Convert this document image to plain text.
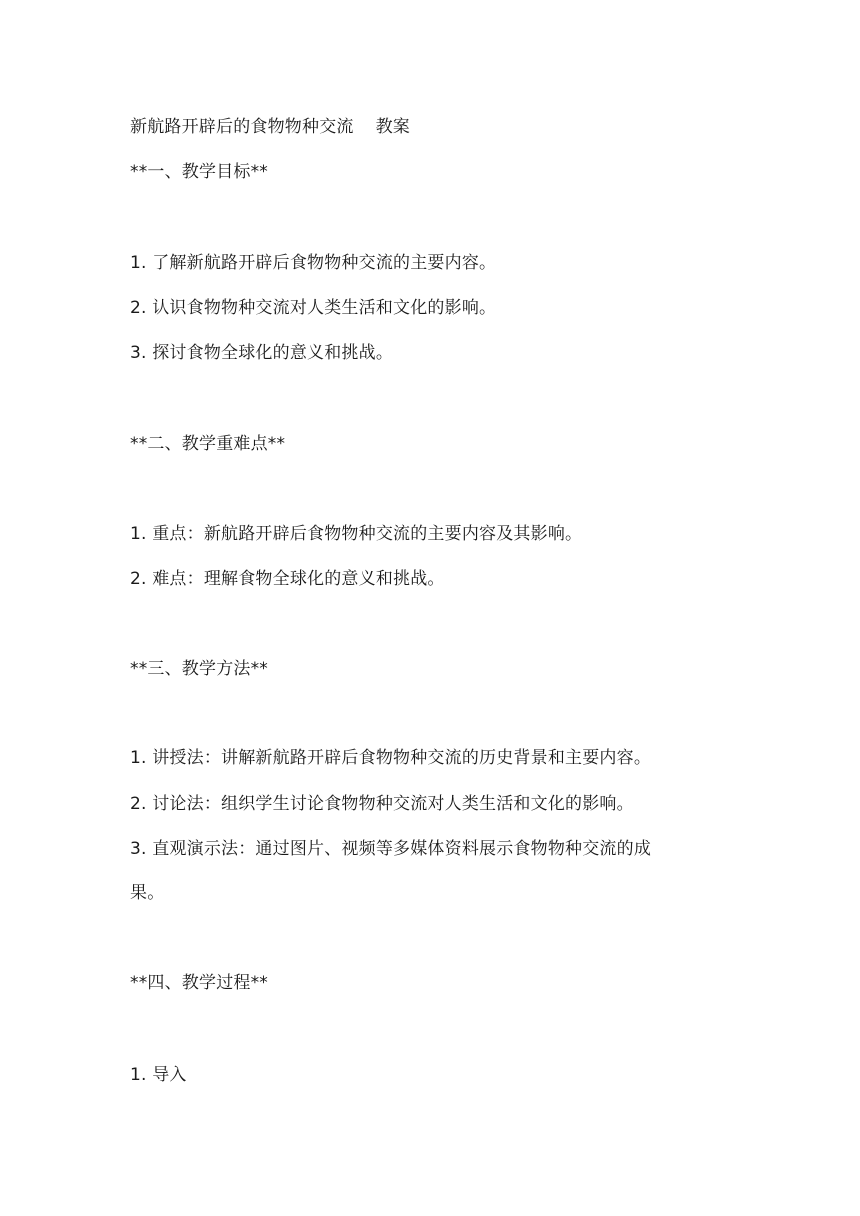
新航路开辟后的食物物种交流 教案
**一、教学目标**
1. 了解新航路开辟后食物物种交流的主要内容。
2. 认识食物物种交流对人类生活和文化的影响。
3. 探讨食物全球化的意义和挑战。
**二、教学重难点**
1. 重点：新航路开辟后食物物种交流的主要内容及其影响。
2. 难点：理解食物全球化的意义和挑战。
**三、教学方法**
1. 讲授法：讲解新航路开辟后食物物种交流的历史背景和主要内容。
2. 讨论法：组织学生讨论食物物种交流对人类生活和文化的影响。
3. 直观演示法：通过图片、视频等多媒体资料展示食物物种交流的成
果。
**四、教学过程**
1. 导入
